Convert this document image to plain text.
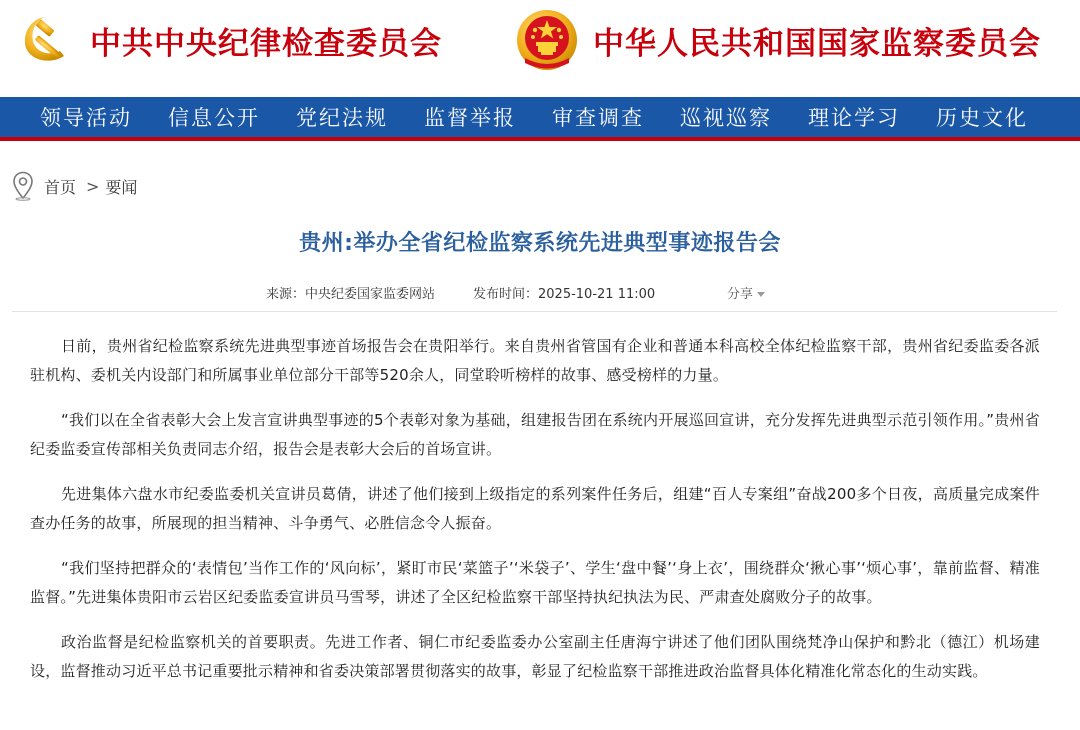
中共中央纪律检查委员会	中华人民共和国国家监察委员会
领导活动 信息公开 党纪法规 监督举报 审查调查 巡视巡察 理论学习 历史文化
首页 > 要闻
贵州:举办全省纪检监察系统先进典型事迹报告会
来源：中央纪委国家监委网站	发布时间：2025-10-21 11:00	分享

日前，贵州省纪检监察系统先进典型事迹首场报告会在贵阳举行。来自贵州省管国有企业和普通本科高校全体纪检监察干部，贵州省纪委监委各派驻机构、委机关内设部门和所属事业单位部分干部等520余人，同堂聆听榜样的故事、感受榜样的力量。

“我们以在全省表彰大会上发言宣讲典型事迹的5个表彰对象为基础，组建报告团在系统内开展巡回宣讲，充分发挥先进典型示范引领作用。”贵州省纪委监委宣传部相关负责同志介绍，报告会是表彰大会后的首场宣讲。

先进集体六盘水市纪委监委机关宣讲员葛倩，讲述了他们接到上级指定的系列案件任务后，组建“百人专案组”奋战200多个日夜，高质量完成案件查办任务的故事，所展现的担当精神、斗争勇气、必胜信念令人振奋。

“我们坚持把群众的‘表情包’当作工作的‘风向标’，紧盯市民‘菜篮子’‘米袋子’、学生‘盘中餐’‘身上衣’，围绕群众‘揪心事’‘烦心事’，靠前监督、精准监督。”先进集体贵阳市云岩区纪委监委宣讲员马雪琴，讲述了全区纪检监察干部坚持执纪执法为民、严肃查处腐败分子的故事。

政治监督是纪检监察机关的首要职责。先进工作者、铜仁市纪委监委办公室副主任唐海宁讲述了他们团队围绕梵净山保护和黔北（德江）机场建设，监督推动习近平总书记重要批示精神和省委决策部署贯彻落实的故事，彰显了纪检监察干部推进政治监督具体化精准化常态化的生动实践。
